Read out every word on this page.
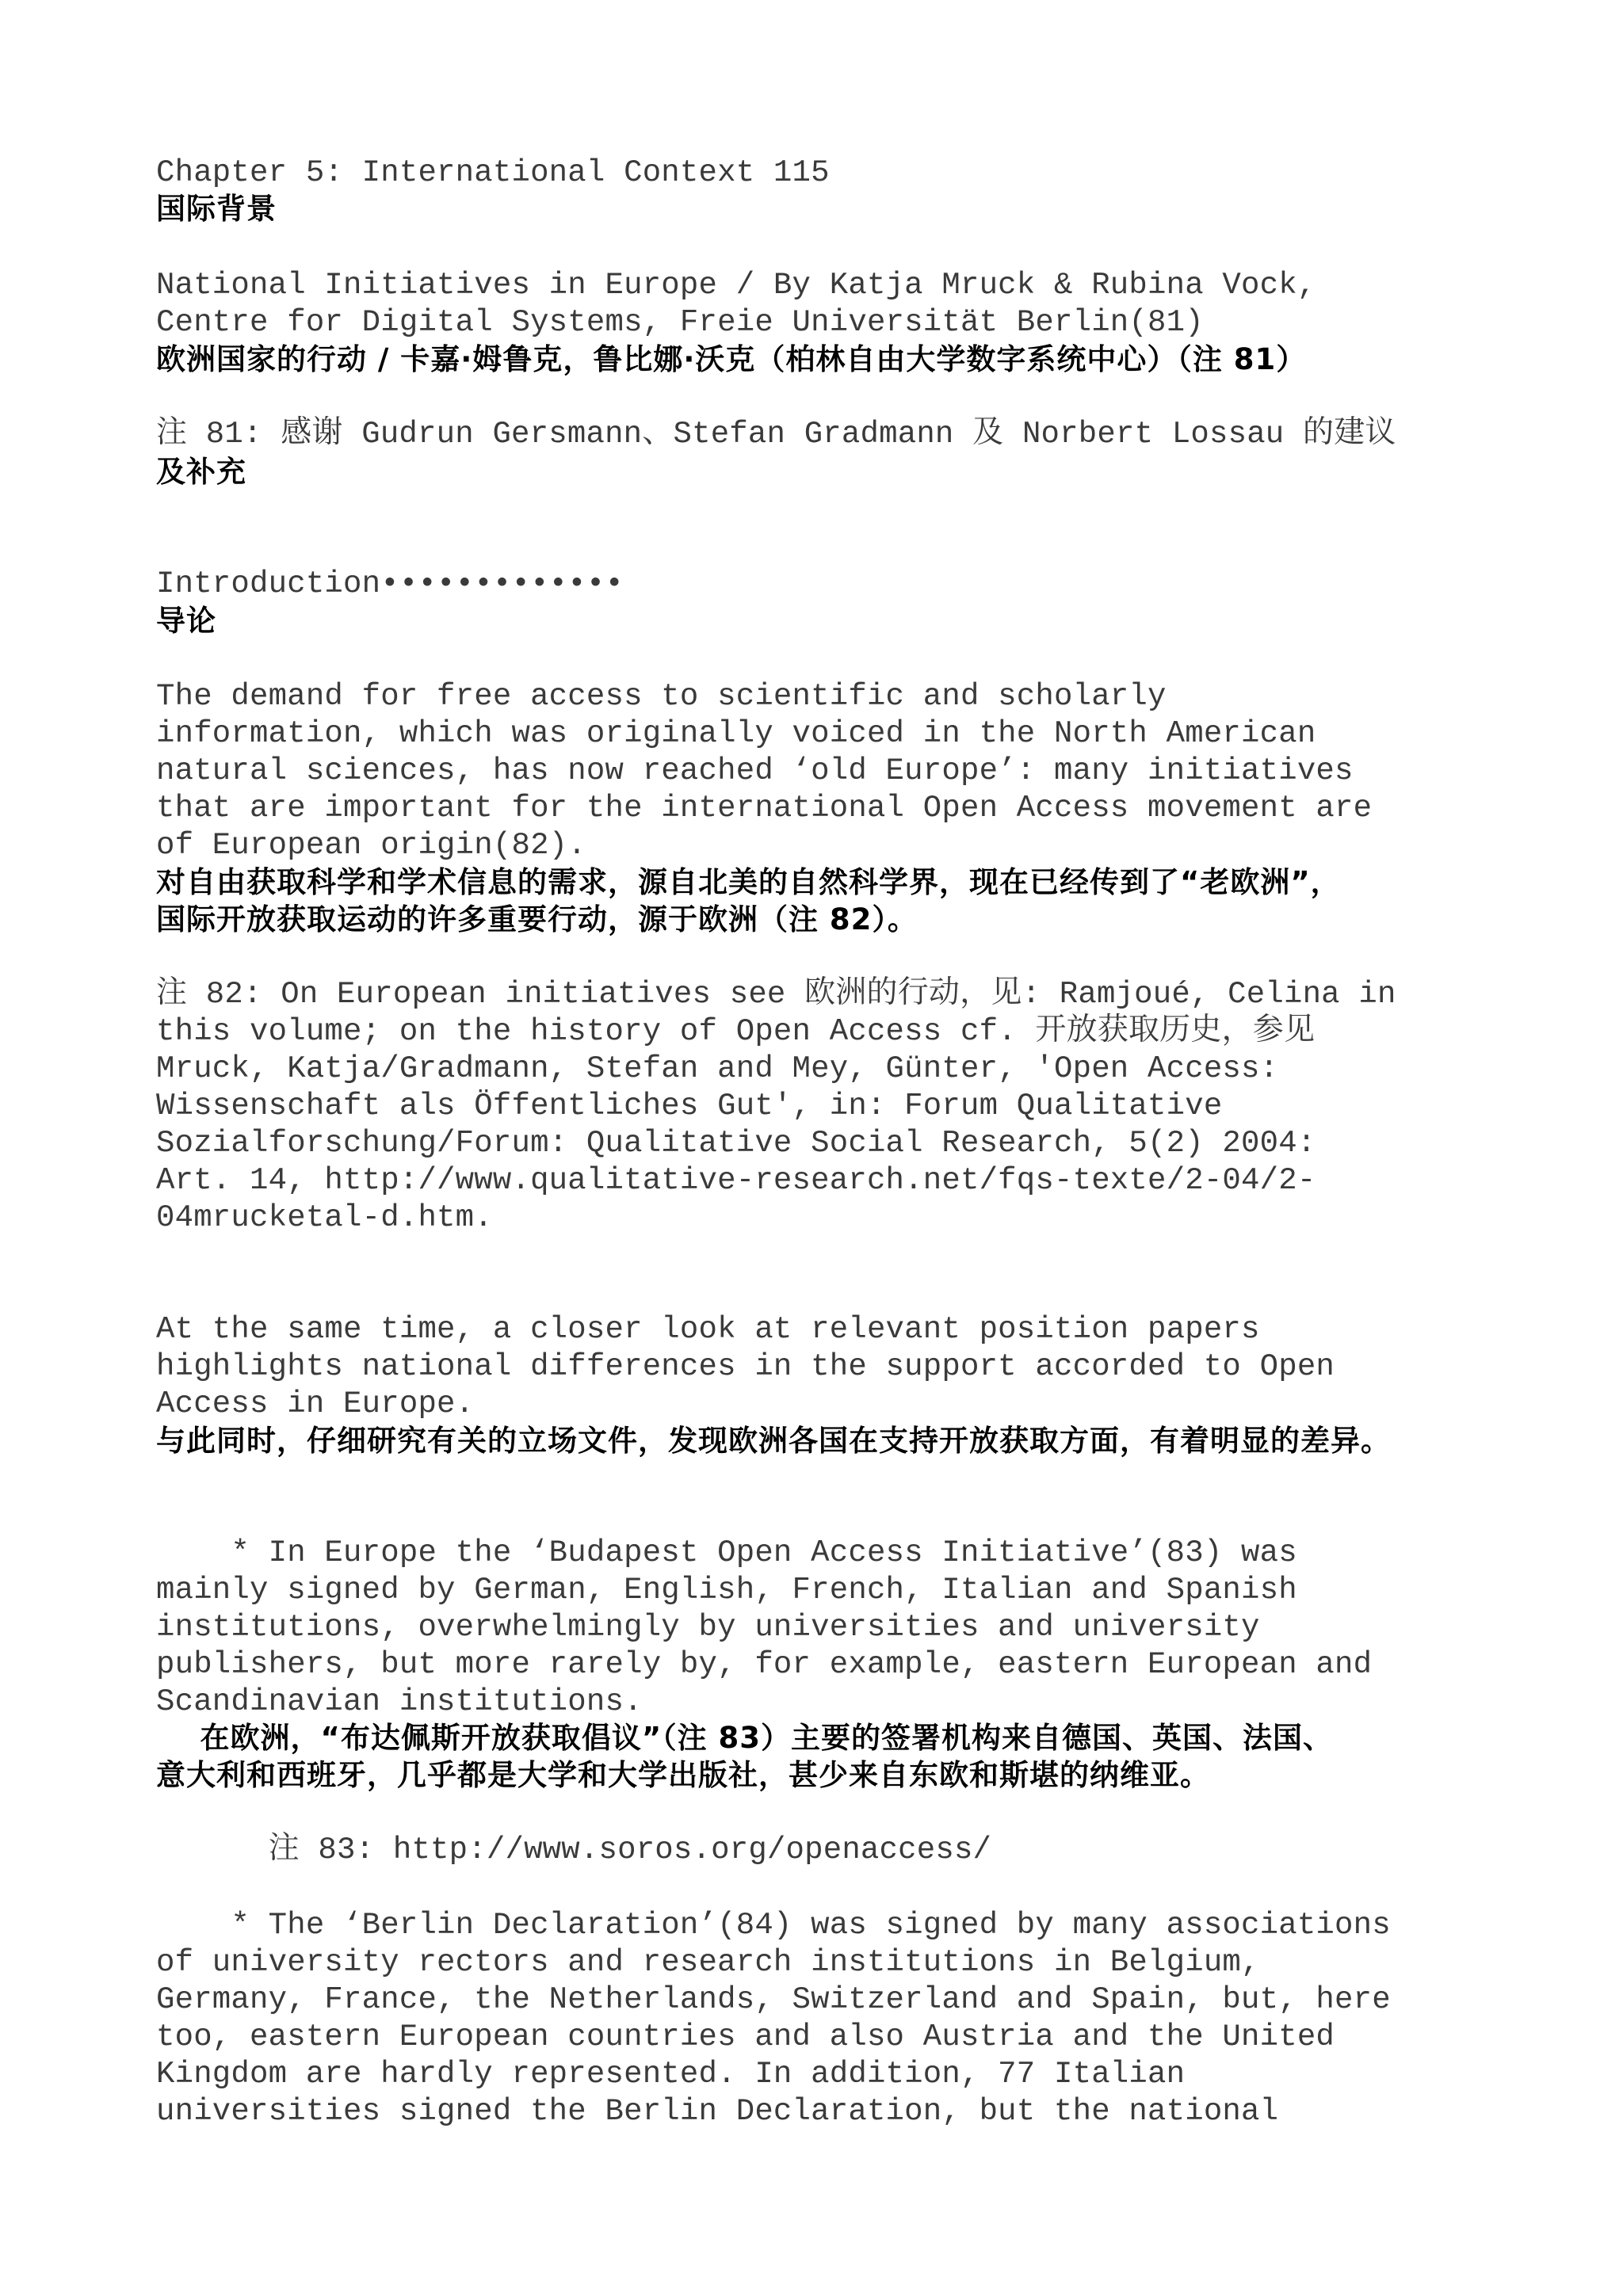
Chapter 5: International Context 115
国际背景
National Initiatives in Europe / By Katja Mruck & Rubina Vock,
Centre for Digital Systems, Freie Universität Berlin(81)
欧洲国家的行动 / 卡嘉·姆鲁克，鲁比娜·沃克（柏林自由大学数字系统中心）（注 81）
注 81: 感谢 Gudrun Gersmann、Stefan Gradmann 及 Norbert Lossau 的建议
及补充
Introduction•••••••••••••
导论
The demand for free access to scientific and scholarly
information, which was originally voiced in the North American
natural sciences, has now reached ‘old Europe’: many initiatives
that are important for the international Open Access movement are
of European origin(82).
对自由获取科学和学术信息的需求，源自北美的自然科学界，现在已经传到了“老欧洲”，
国际开放获取运动的许多重要行动，源于欧洲（注 82）。
注 82: On European initiatives see 欧洲的行动，见: Ramjoué, Celina in
this volume; on the history of Open Access cf. 开放获取历史，参见
Mruck, Katja/Gradmann, Stefan and Mey, Günter, 'Open Access:
Wissenschaft als Öffentliches Gut', in: Forum Qualitative
Sozialforschung/Forum: Qualitative Social Research, 5(2) 2004:
Art. 14, http://www.qualitative-research.net/fqs-texte/2-04/2-
04mrucketal-d.htm.
At the same time, a closer look at relevant position papers
highlights national differences in the support accorded to Open
Access in Europe.
与此同时，仔细研究有关的立场文件，发现欧洲各国在支持开放获取方面，有着明显的差异。
* In Europe the ‘Budapest Open Access Initiative’(83) was
mainly signed by German, English, French, Italian and Spanish
institutions, overwhelmingly by universities and university
publishers, but more rarely by, for example, eastern European and
Scandinavian institutions.
在欧洲，“布达佩斯开放获取倡议”（注 83）主要的签署机构来自德国、英国、法国、
意大利和西班牙，几乎都是大学和大学出版社，甚少来自东欧和斯堪的纳维亚。
注 83: http://www.soros.org/openaccess/
* The ‘Berlin Declaration’(84) was signed by many associations
of university rectors and research institutions in Belgium,
Germany, France, the Netherlands, Switzerland and Spain, but, here
too, eastern European countries and also Austria and the United
Kingdom are hardly represented. In addition, 77 Italian
universities signed the Berlin Declaration, but the national
